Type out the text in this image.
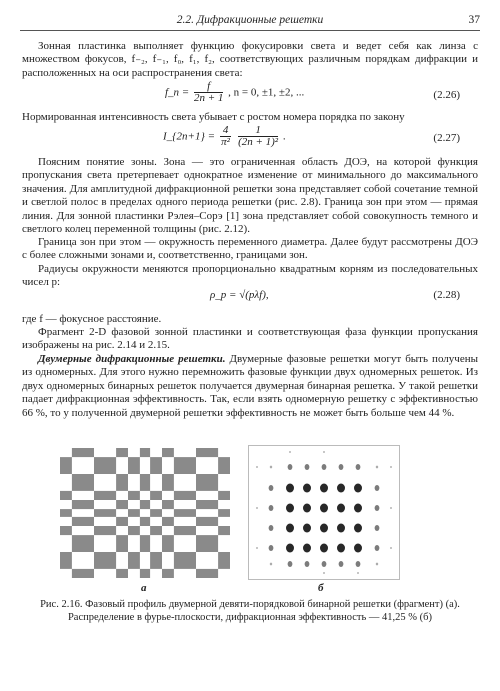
2.2. Дифракционные решетки	37

Зонная пластинка выполняет функцию фокусировки света и ведет себя как линза с множеством фокусов, f₋₂, f₋₁, f₀, f₁, f₂, соответствующих различным порядкам дифракции и расположенных на оси распространения света:

f_n = $\frac{f}{2n + 1}$ , n = 0, ±1, ±2, ...	(2.26)

Нормированная интенсивность света убывает с ростом номера порядка по закону

I_{2n+1} = $\frac{4}{\text{π²}}$
$\frac{1}{\text{(2n + 1)²}}$ .	(2.27)

Поясним понятие зоны. Зона — это ограниченная область ДОЭ, на которой функция пропускания света претерпевает однократное изменение от минимального до максимального значения. Для амплитудной дифракционной решетки зона представляет собой сочетание темной и светлой полос в пределах одного периода решетки (рис. 2.8). Граница зон при этом — прямая линия. Для зонной пластинки Рэлея–Сорэ [1] зона представляет собой совокупность темного и светлого колец переменной толщины (рис. 2.12).

Граница зон при этом — окружность переменного диаметра. Далее будут рассмотрены ДОЭ с более сложными зонами и, соответственно, границами зон.

Радиусы окружности меняются пропорционально квадратным корням из последовательных чисел p:

ρ_p = √(pλf),	(2.28)

где f — фокусное расстояние.

Фрагмент 2-D фазовой зонной пластинки и соответствующая фаза функции пропускания изображены на рис. 2.14 и 2.15.

Двумерные дифракционные решетки. Двумерные фазовые решетки могут быть получены из одномерных. Для этого нужно перемножить фазовые функции двух одномерных решеток. Из двух одномерных бинарных решеток получается двумерная бинарная решетка. У такой решетки падает дифракционная эффективность. Так, если взять одномерную решетку с эффективностью 66 %, то у полученной двумерной решетки эффективность не может быть больше чем 44 %.

а	б
Рис. 2.16. Фазовый профиль двумерной девяти-порядковой бинарной решетки (фрагмент) (а).
Распределение в фурье-плоскости, дифракционная эффективность — 41,25 % (б)
